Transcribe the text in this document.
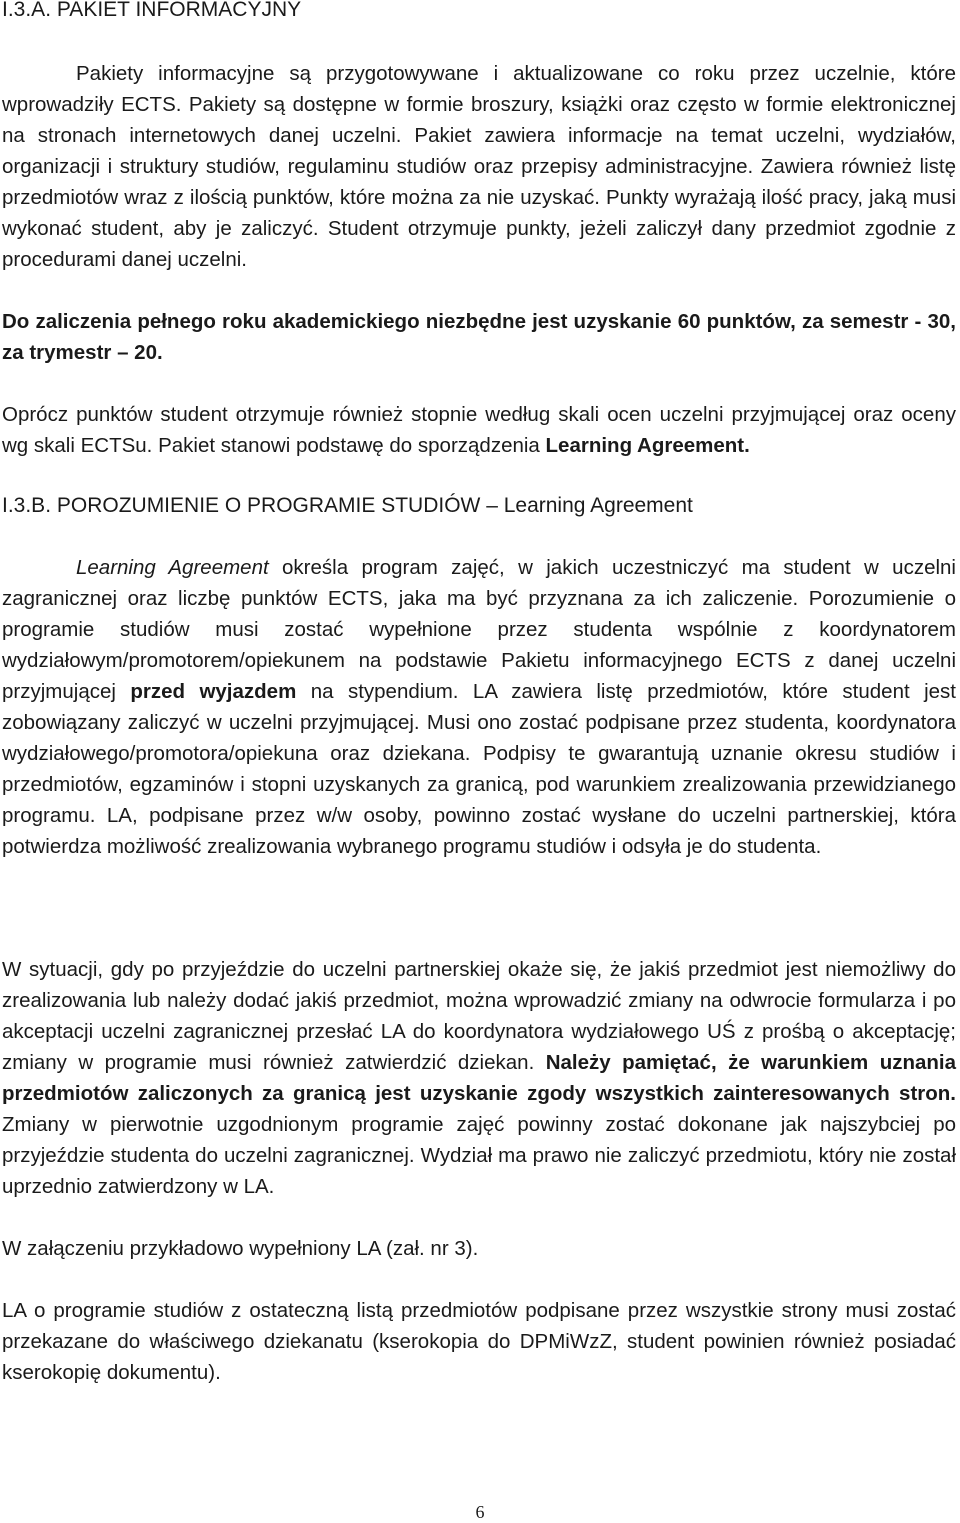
I.3.A. PAKIET INFORMACYJNY

Pakiety informacyjne są przygotowywane i aktualizowane co roku przez uczelnie, które wprowadziły ECTS. Pakiety są dostępne w formie broszury, książki oraz często w formie elektronicznej na stronach internetowych danej uczelni. Pakiet zawiera informacje na temat uczelni, wydziałów, organizacji i struktury studiów, regulaminu studiów oraz przepisy administracyjne. Zawiera również listę przedmiotów wraz z ilością punktów, które można za nie uzyskać. Punkty wyrażają ilość pracy, jaką musi wykonać student, aby je zaliczyć. Student otrzymuje punkty, jeżeli zaliczył dany przedmiot zgodnie z procedurami danej uczelni.

Do zaliczenia pełnego roku akademickiego niezbędne jest uzyskanie 60 punktów, za semestr - 30, za trymestr – 20.

Oprócz punktów student otrzymuje również stopnie według skali ocen uczelni przyjmującej oraz oceny wg skali ECTSu. Pakiet stanowi podstawę do sporządzenia Learning Agreement.

I.3.B. POROZUMIENIE O PROGRAMIE STUDIÓW – Learning Agreement

Learning Agreement określa program zajęć, w jakich uczestniczyć ma student w uczelni zagranicznej oraz liczbę punktów ECTS, jaka ma być przyznana za ich zaliczenie. Porozumienie o programie studiów musi zostać wypełnione przez studenta wspólnie z koordynatorem wydziałowym/promotorem/opiekunem na podstawie Pakietu informacyjnego ECTS z danej uczelni przyjmującej przed wyjazdem na stypendium. LA zawiera listę przedmiotów, które student jest zobowiązany zaliczyć w uczelni przyjmującej. Musi ono zostać podpisane przez studenta, koordynatora wydziałowego/promotora/opiekuna oraz dziekana. Podpisy te gwarantują uznanie okresu studiów i przedmiotów, egzaminów i stopni uzyskanych za granicą, pod warunkiem zrealizowania przewidzianego programu. LA, podpisane przez w/w osoby, powinno zostać wysłane do uczelni partnerskiej, która potwierdza możliwość zrealizowania wybranego programu studiów i odsyła je do studenta.

W sytuacji, gdy po przyjeździe do uczelni partnerskiej okaże się, że jakiś przedmiot jest niemożliwy do zrealizowania lub należy dodać jakiś przedmiot, można wprowadzić zmiany na odwrocie formularza i po akceptacji uczelni zagranicznej przesłać LA do koordynatora wydziałowego UŚ z prośbą o akceptację; zmiany w programie musi również zatwierdzić dziekan. Należy pamiętać, że warunkiem uznania przedmiotów zaliczonych za granicą jest uzyskanie zgody wszystkich zainteresowanych stron. Zmiany w pierwotnie uzgodnionym programie zajęć powinny zostać dokonane jak najszybciej po przyjeździe studenta do uczelni zagranicznej. Wydział ma prawo nie zaliczyć przedmiotu, który nie został uprzednio zatwierdzony w LA.

W załączeniu przykładowo wypełniony LA (zał. nr 3).

LA o programie studiów z ostateczną listą przedmiotów podpisane przez wszystkie strony musi zostać przekazane do właściwego dziekanatu (kserokopia do DPMiWzZ, student powinien również posiadać kserokopię dokumentu).

6
